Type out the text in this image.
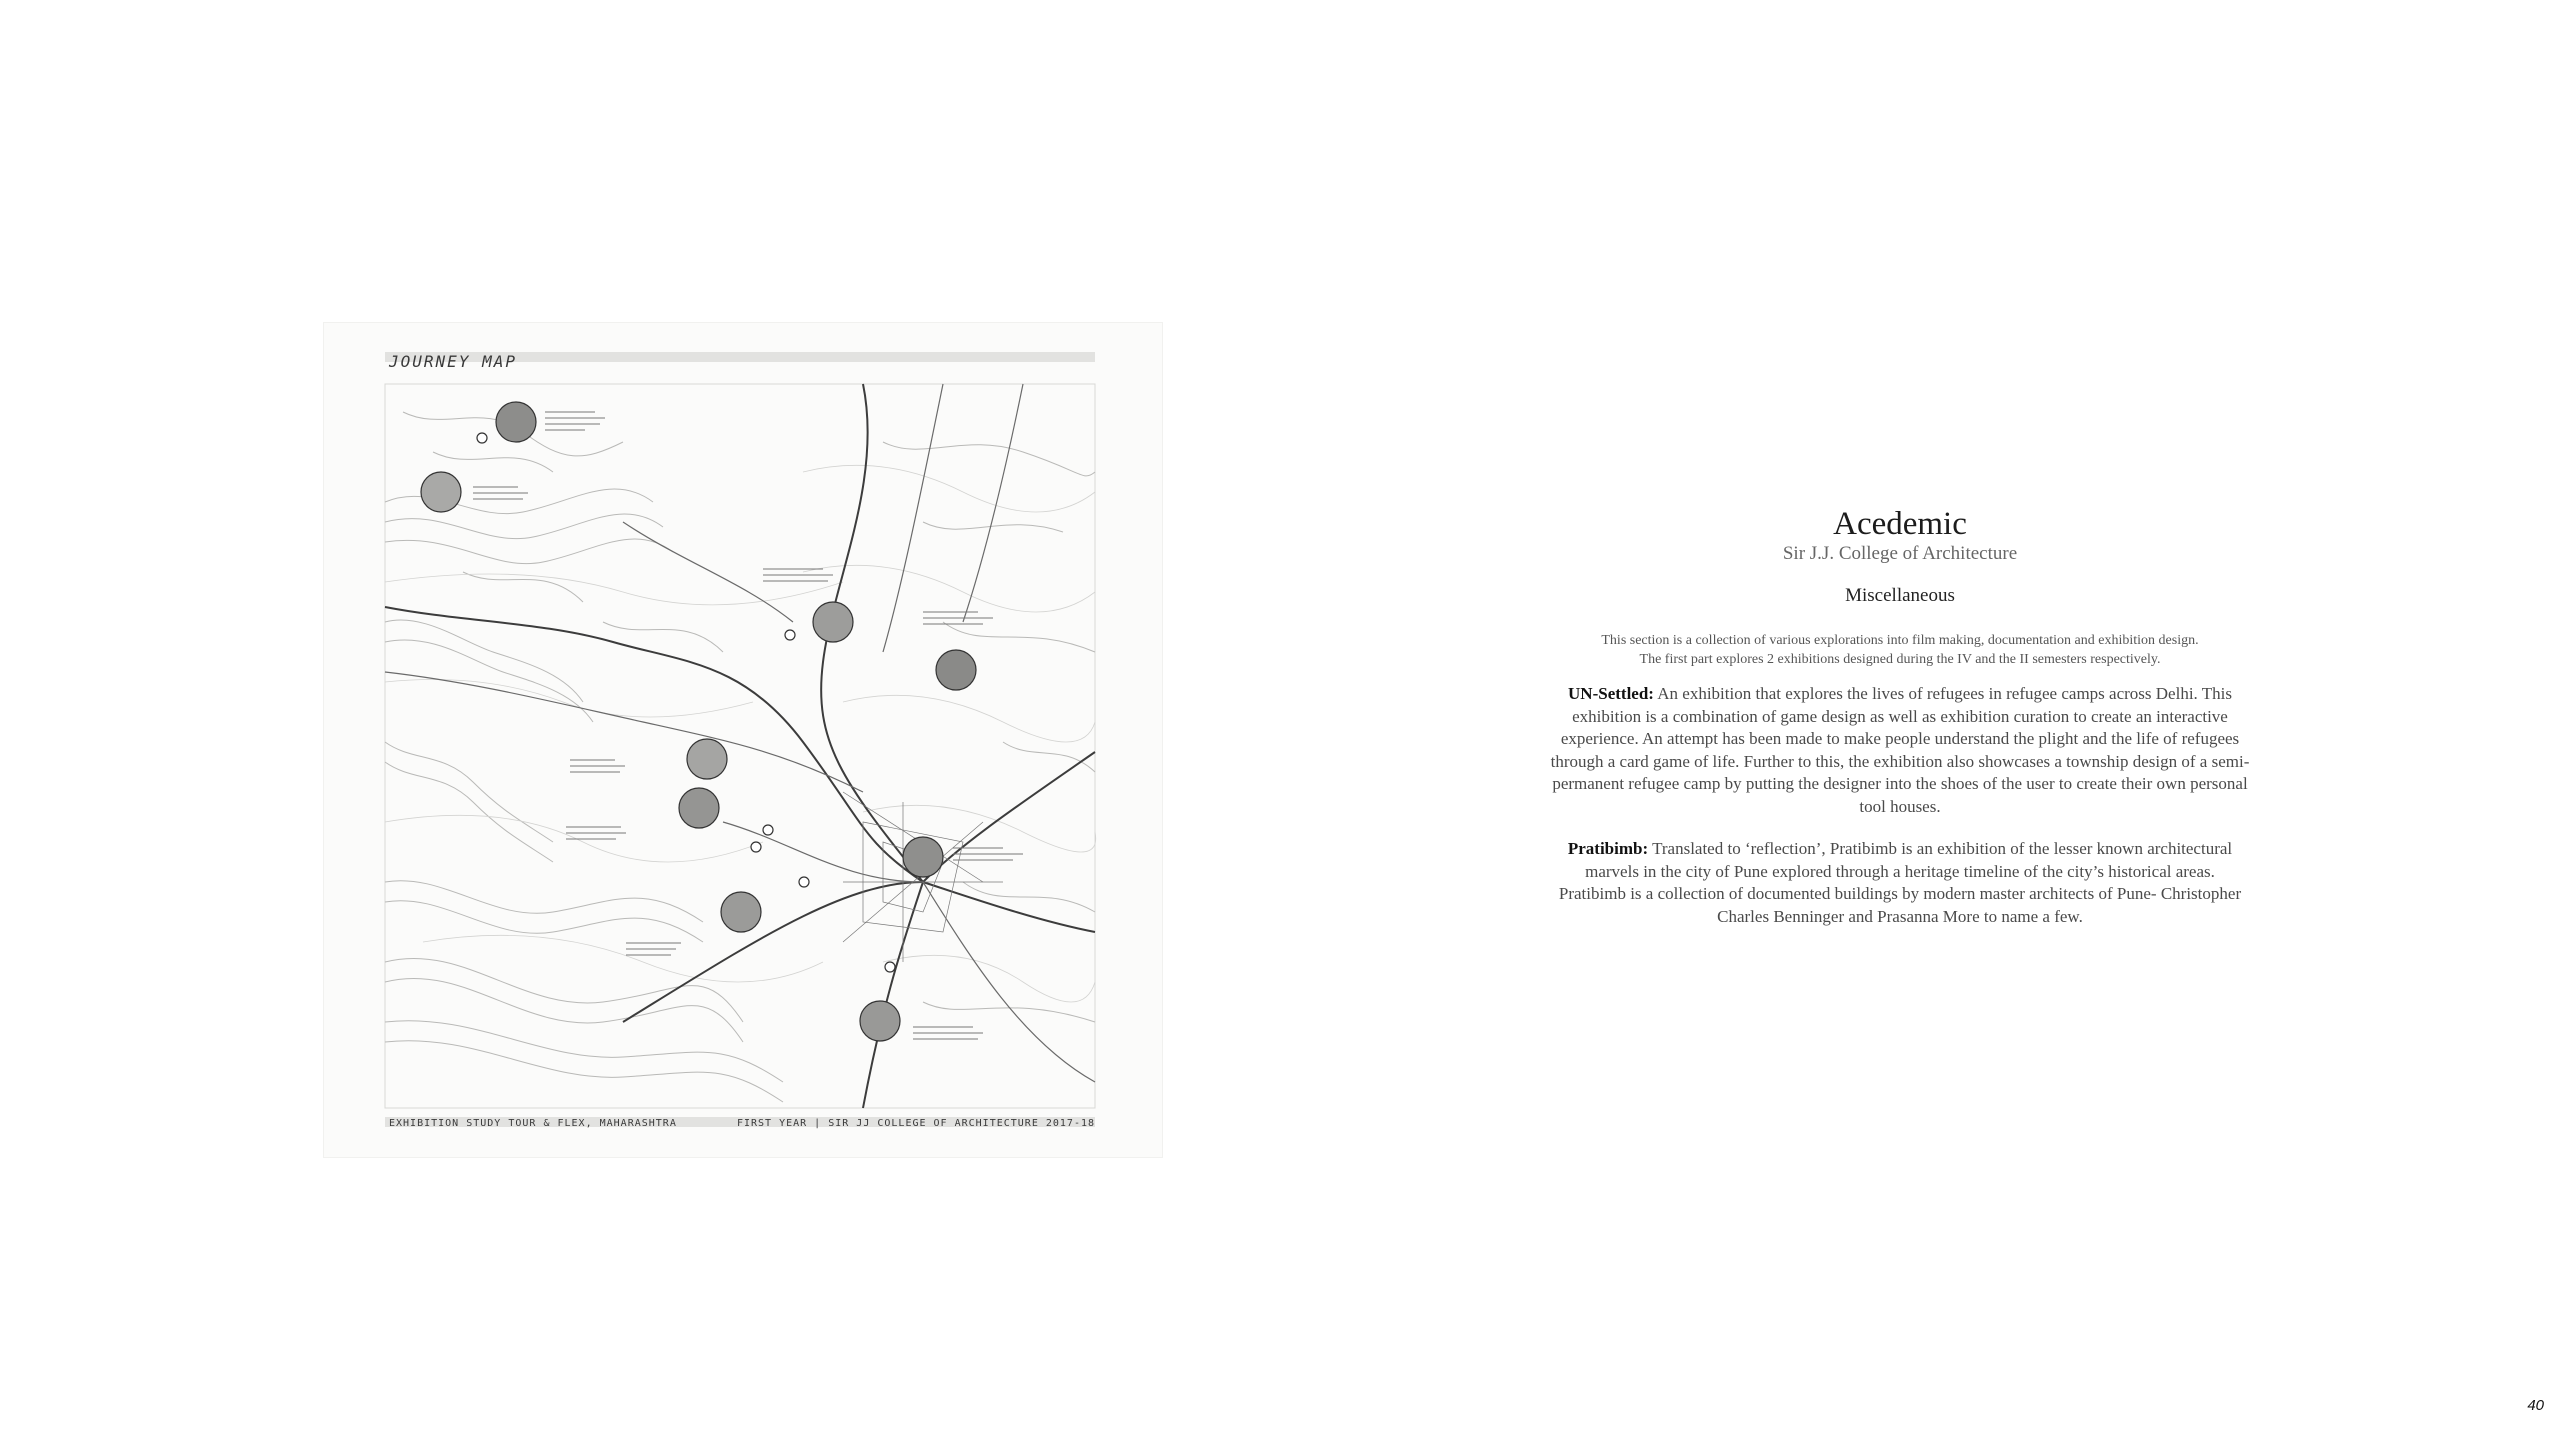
JOURNEY MAP
EXHIBITION STUDY TOUR & FLEX, MAHARASHTRA	FIRST YEAR | SIR JJ COLLEGE OF ARCHITECTURE 2017-18
Acedemic
Sir J.J. College of Architecture
Miscellaneous
This section is a collection of various explorations into film making, documentation and exhibition design.
The first part explores 2 exhibitions designed during the IV and the II semesters respectively.

UN-Settled: An exhibition that explores the lives of refugees in refugee camps across Delhi. This exhibition is a combination of game design as well as exhibition curation to create an interactive experience. An attempt has been made to make people understand the plight and the life of refugees through a card game of life. Further to this, the exhibition also showcases a township design of a semi-permanent refugee camp by putting the designer into the shoes of the user to create their own personal tool houses.

Pratibimb: Translated to ‘reflection’, Pratibimb is an exhibition of the lesser known architectural marvels in the city of Pune explored through a heritage timeline of the city’s historical areas. Pratibimb is a collection of documented buildings by modern master architects of Pune- Christopher Charles Benninger and Prasanna More to name a few.

40
